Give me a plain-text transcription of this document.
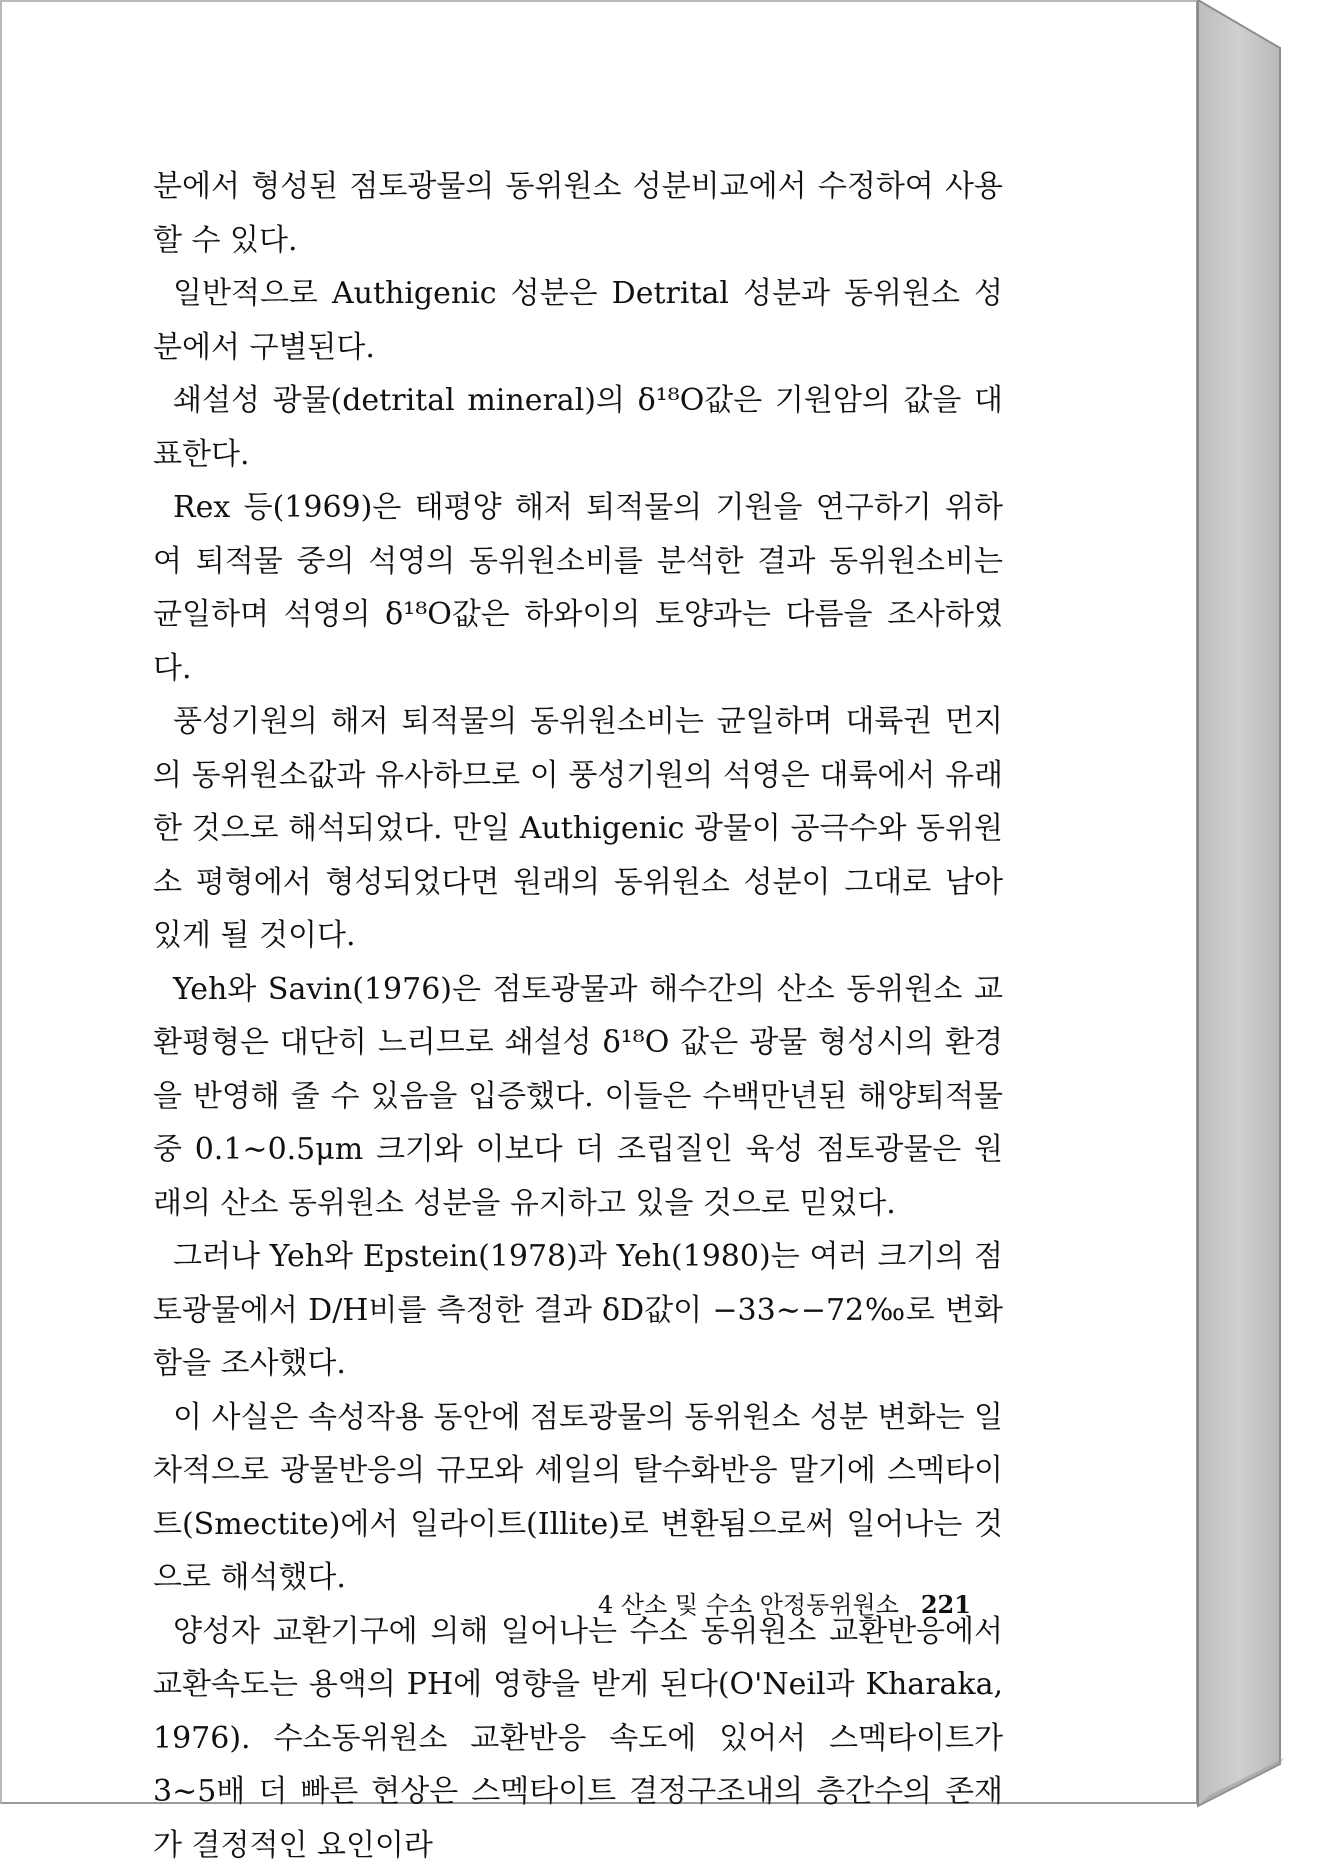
분에서 형성된 점토광물의 동위원소 성분비교에서 수정하여 사용할 수 있다.

일반적으로 Authigenic 성분은 Detrital 성분과 동위원소 성분에서 구별된다.

쇄설성 광물(detrital mineral)의 δ¹⁸O값은 기원암의 값을 대표한다.

Rex 등(1969)은 태평양 해저 퇴적물의 기원을 연구하기 위하여 퇴적물 중의 석영의 동위원소비를 분석한 결과 동위원소비는 균일하며 석영의 δ¹⁸O값은 하와이의 토양과는 다름을 조사하였다.

풍성기원의 해저 퇴적물의 동위원소비는 균일하며 대륙권 먼지의 동위원소값과 유사하므로 이 풍성기원의 석영은 대륙에서 유래한 것으로 해석되었다. 만일 Authigenic 광물이 공극수와 동위원소 평형에서 형성되었다면 원래의 동위원소 성분이 그대로 남아 있게 될 것이다.

Yeh와 Savin(1976)은 점토광물과 해수간의 산소 동위원소 교환평형은 대단히 느리므로 쇄설성 δ¹⁸O 값은 광물 형성시의 환경을 반영해 줄 수 있음을 입증했다. 이들은 수백만년된 해양퇴적물 중 0.1∼0.5μm 크기와 이보다 더 조립질인 육성 점토광물은 원래의 산소 동위원소 성분을 유지하고 있을 것으로 믿었다.

그러나 Yeh와 Epstein(1978)과 Yeh(1980)는 여러 크기의 점토광물에서 D/H비를 측정한 결과 δD값이 −33∼−72‰로 변화함을 조사했다.

이 사실은 속성작용 동안에 점토광물의 동위원소 성분 변화는 일차적으로 광물반응의 규모와 셰일의 탈수화반응 말기에 스멕타이트(Smectite)에서 일라이트(Illite)로 변환됨으로써 일어나는 것으로 해석했다.

양성자 교환기구에 의해 일어나는 수소 동위원소 교환반응에서 교환속도는 용액의 PH에 영향을 받게 된다(O'Neil과 Kharaka, 1976). 수소동위원소 교환반응 속도에 있어서 스멕타이트가 3∼5배 더 빠른 현상은 스멕타이트 결정구조내의 층간수의 존재가 결정적인 요인이라

4 산소 및 수소 안정동위원소 221
